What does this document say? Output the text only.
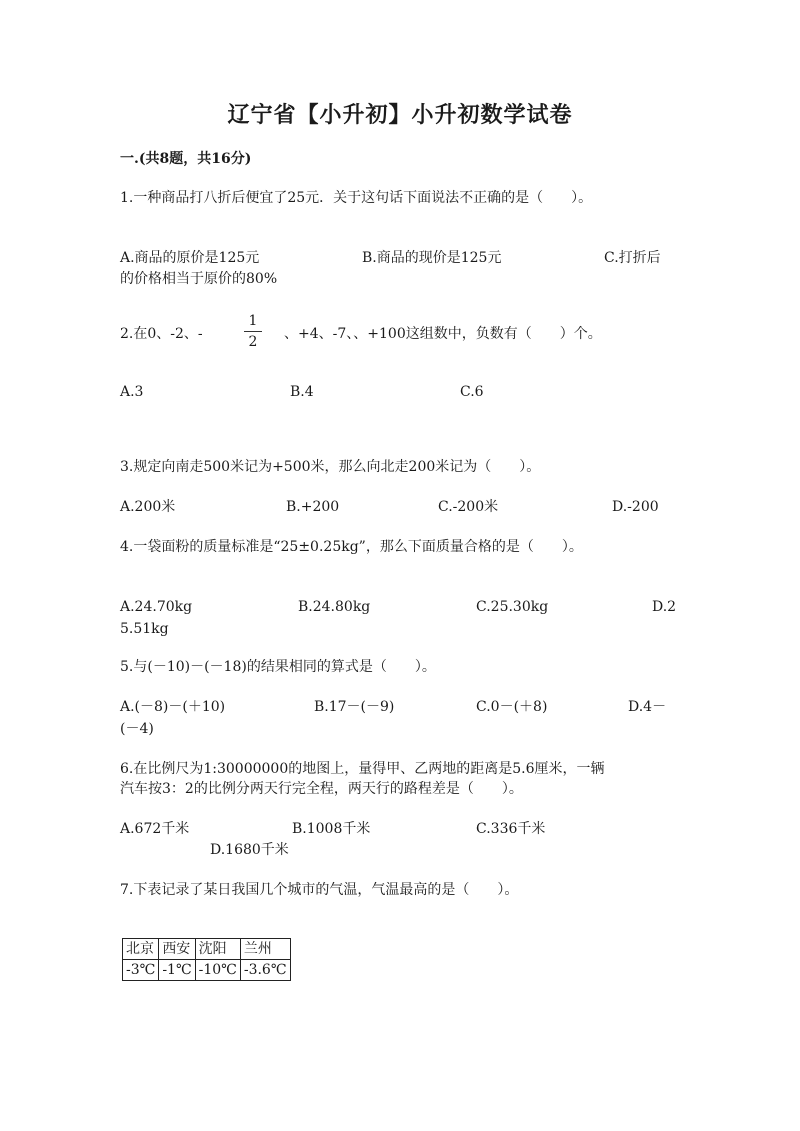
辽宁省【小升初】小升初数学试卷
一.(共8题，共16分)
1.一种商品打八折后便宜了25元．关于这句话下面说法不正确的是（　　）。
A.商品的原价是125元	B.商品的现价是125元	C.打折后
的价格相当于原价的80%
2.在0、-2、-
1
2	、+4、-7、、+100这组数中，负数有（　　）个。
A.3	B.4	C.6
3.规定向南走500米记为+500米，那么向北走200米记为（　　）。
A.200米	B.+200	C.-200米	D.-200
4.一袋面粉的质量标准是“25±0.25kg”，那么下面质量合格的是（　　）。
A.24.70kg	B.24.80kg	C.25.30kg	D.2
5.51kg
5.与(－10)－(－18)的结果相同的算式是（　　）。
A.(－8)－(＋10)	B.17－(－9)	C.0－(＋8)	D.4－
(－4)
6.在比例尺为1:30000000的地图上，量得甲、乙两地的距离是5.6厘米，一辆
汽车按3：2的比例分两天行完全程，两天行的路程差是（　　）。
A.672千米	B.1008千米	C.336千米
D.1680千米
7.下表记录了某日我国几个城市的气温，气温最高的是（　　）。
北京	西安	沈阳	兰州
-3℃	-1℃	-10℃	-3.6℃
